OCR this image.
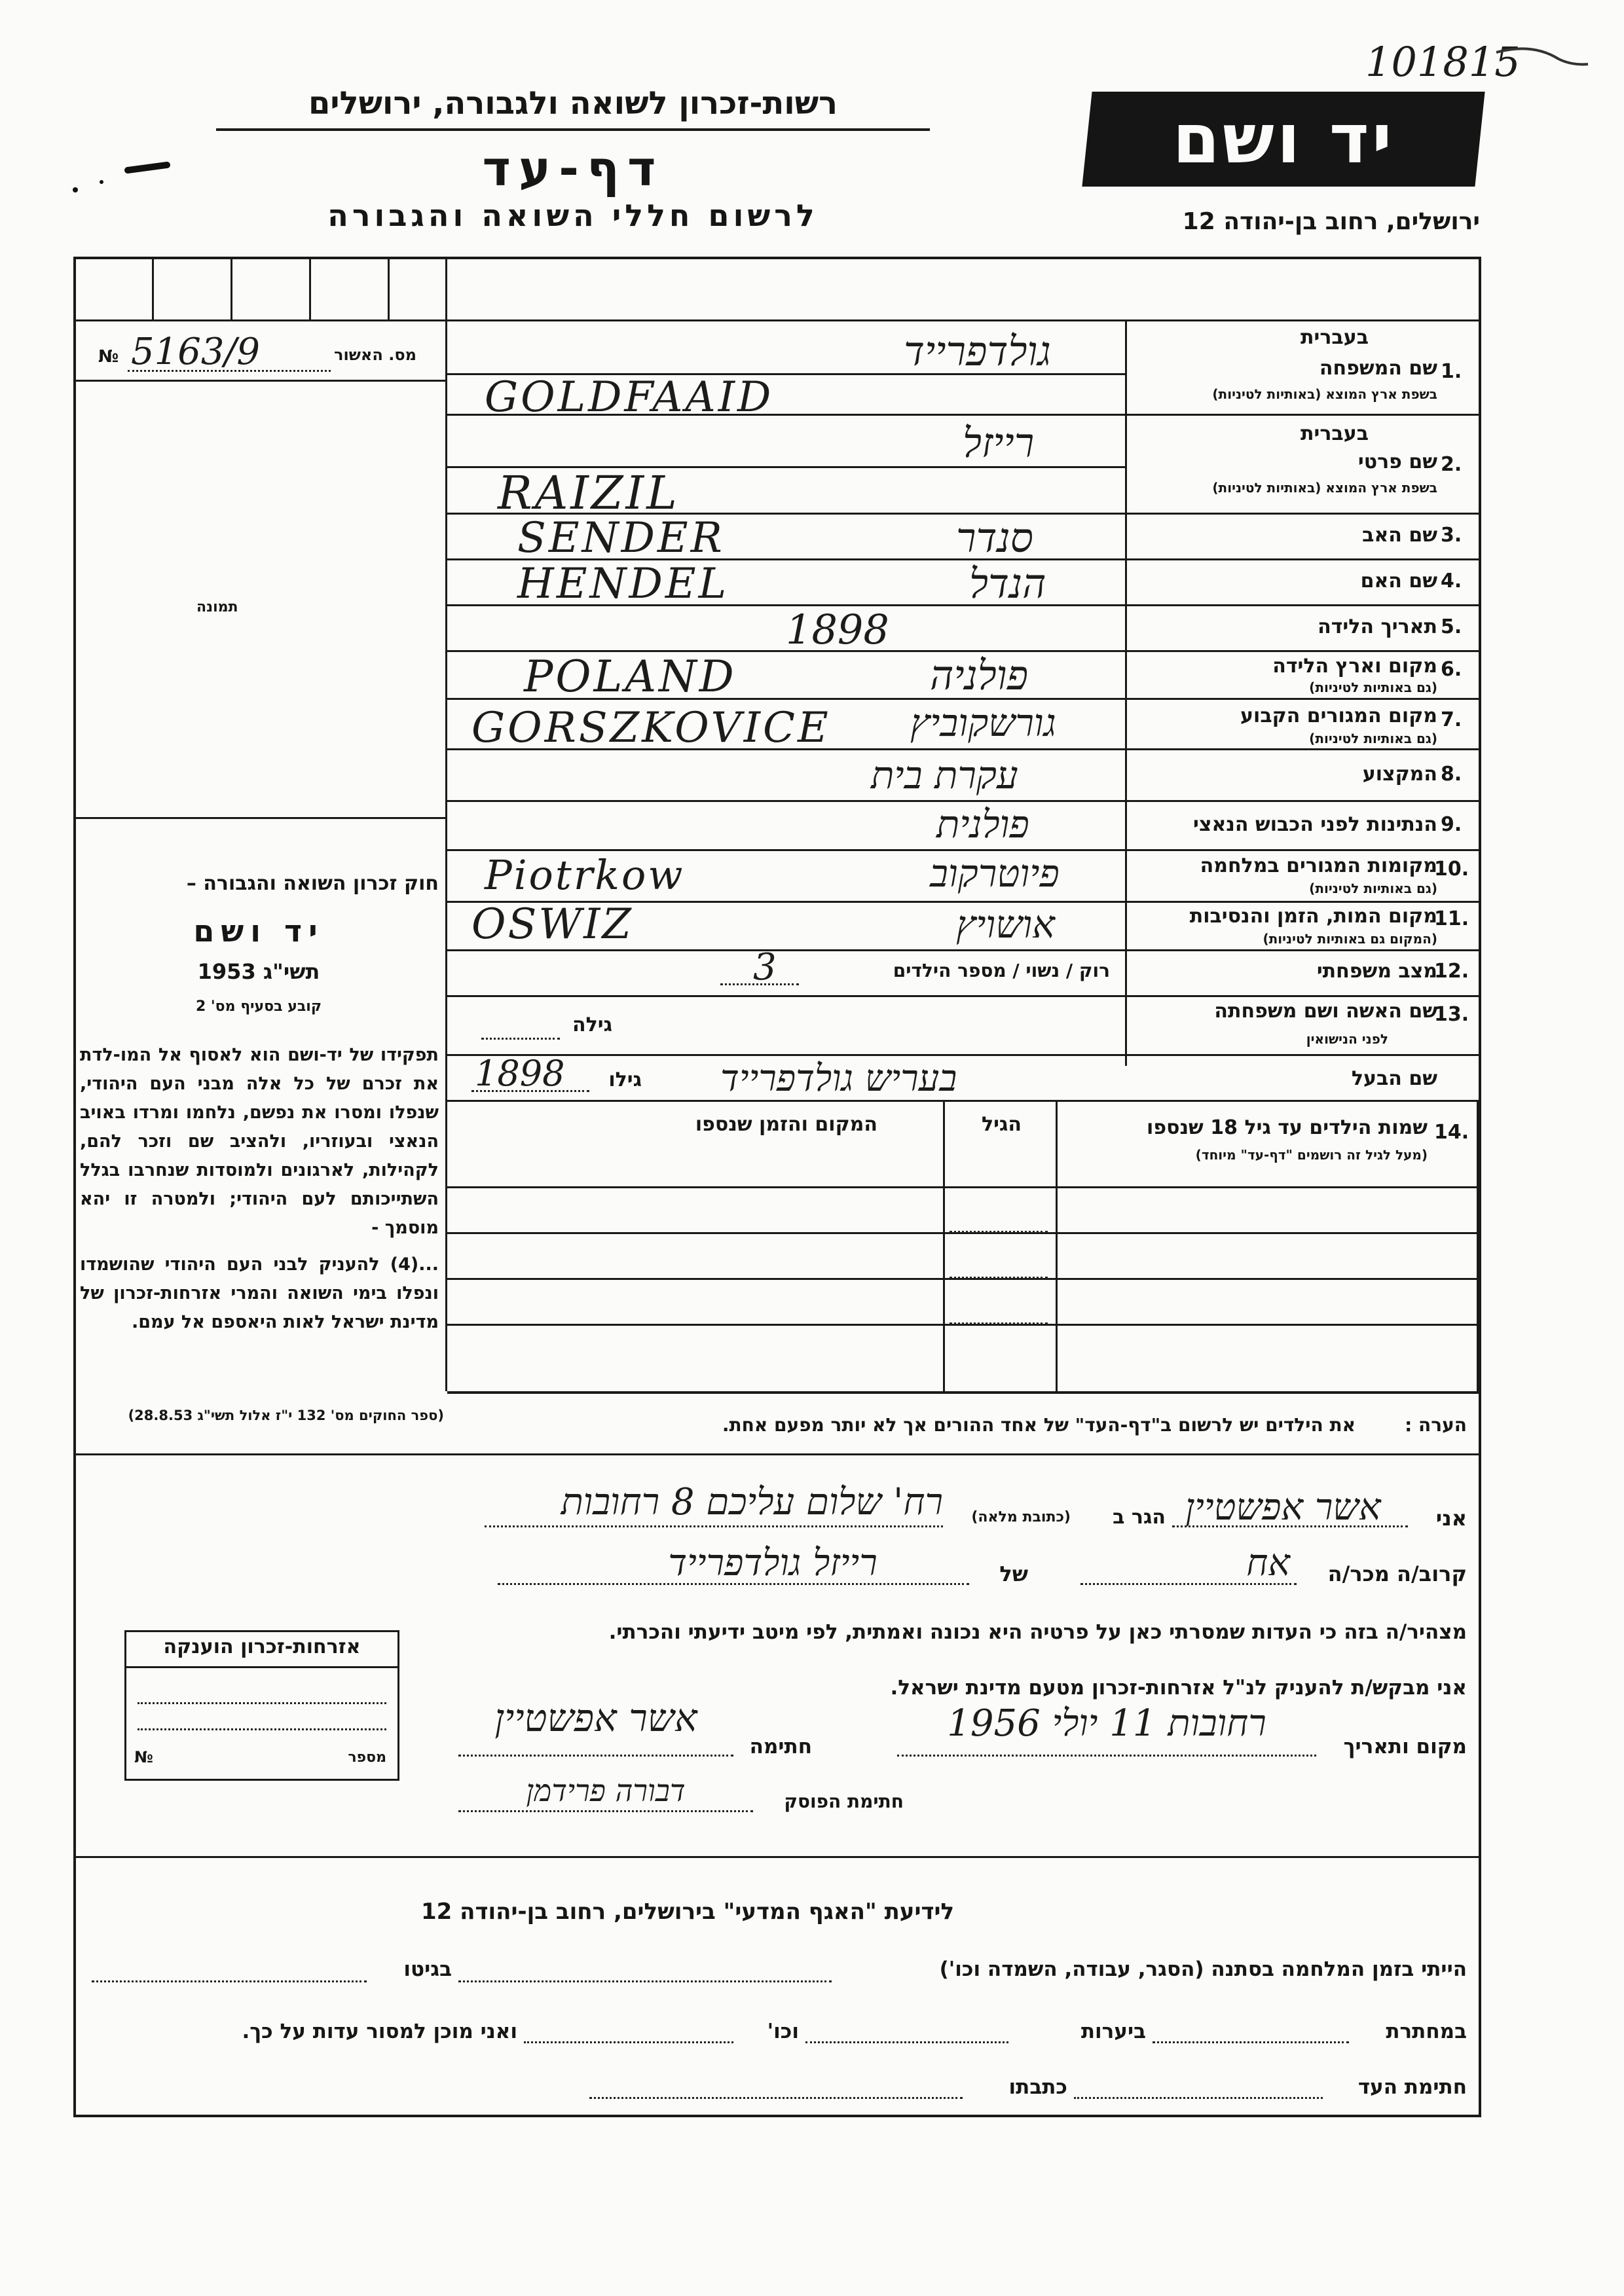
101815
רשות-זכרון לשואה ולגבורה, ירושלים
דף-עד
לרשום חללי השואה והגבורה
יד ושם
ירושלים, רחוב בן-יהודה 12
מס. האשור
№ 5163/9
תמונה
בעברית
שם המשפחה 1.
בשפת ארץ המוצא (באותיות לטיניות)
גולדפרייד
GOLDFAAID
בעברית
שם פרטי 2.
בשפת ארץ המוצא (באותיות לטיניות)
רייזל
RAIZIL
שם האב 3.
סנדר
SENDER
שם האם 4.
הנדל
HENDEL
תאריך הלידה 5.
1898
מקום וארץ הלידה 6.
(גם באותיות לטיניות)
פולניה
POLAND
מקום המגורים הקבוע 7.
(גם באותיות לטיניות)
גורשקוביץ
GORSZKOVICE
המקצוע 8.
עקרת בית
הנתינות לפני הכבוש הנאצי 9.
פולנית
מקומות המגורים במלחמה
10.
(גם באותיות לטיניות)
פיוטרקוב
Piotrkow
מקום המות, הזמן והנסיבות
11.
(המקום גם באותיות לטיניות)
אושויץ
OSWIZ
מצב משפחתי
12.
רוק / נשוי / מספר הילדים
3
שם האשה ושם משפחתה
13.
לפני הנישואין
גילה
שם הבעל
בעריש גולדפרייד
גילו
1898
חוק זכרון השואה והגבורה –
יד ושם
תשי"ג 1953
קובע בסעיף מס' 2
תפקידו של יד-ושם הוא לאסוף אל המו-לדת את זכרם של כל אלה מבני העם היהודי, שנפלו ומסרו את נפשם, נלחמו ומרדו באויב הנאצי ובעוזריו, ולהציב שם וזכר להם, לקהילות, לארגונים ולמוסדות שנחרבו בגלל השתייכותם לעם היהודי; ולמטרה זו יהא מוסמך -
...(4) להעניק לבני העם היהודי שהושמדו ונפלו בימי השואה והמרי אזרחות-זכרון של מדינת ישראל לאות היאספם אל עמם.
(ספר החוקים מס' 132 י"ז אלול תשי"ג 28.8.53)
14.
שמות הילדים עד גיל 18 שנספו
(מעל לגיל זה רושמים "דף-עד" מיוחד)
הגיל
המקום והזמן שנספו
הערה :
את הילדים יש לרשום ב"דף-העד" של אחד ההורים אך לא יותר מפעם אחת.
אני
אשר אפשטיין
הגר ב
(כתובת מלאה)
רח' שלום עליכם 8 רחובות
קרוב/ה מכר/ה
אח
של
רייזל גולדפרייד
מצהיר/ה בזה כי העדות שמסרתי כאן על פרטיה היא נכונה ואמתית, לפי מיטב ידיעתי והכרתי.
אני מבקש/ת להעניק לנ"ל אזרחות-זכרון מטעם מדינת ישראל.
מקום ותאריך
רחובות 11 יולי 1956
חתימה
אשר אפשטיין
חתימת הפוסק
דבורה פרידמן
אזרחות-זכרון הוענקה
מספר
№
לידיעת "האגף המדעי" בירושלים, רחוב בן-יהודה 12
הייתי בזמן המלחמה בסתנה (הסגר, עבודה, השמדה וכו')
בגיטו
במחתרת
ביערות
וכו'
ואני מוכן למסור עדות על כך.
חתימת העד
כתבתו
